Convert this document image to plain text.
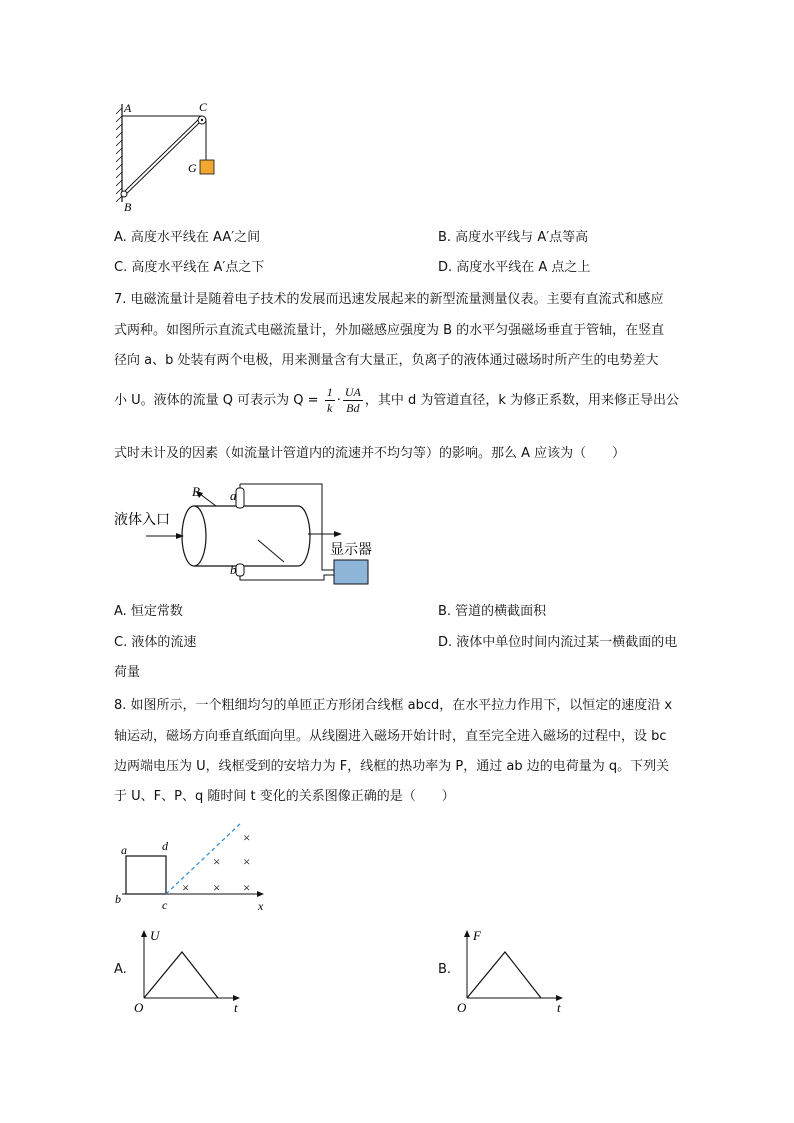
A	C
G
B
A. 高度水平线在 AA′之间	B. 高度水平线与 A′点等高
C. 高度水平线在 A′点之下	D. 高度水平线在 A 点之上
7. 电磁流量计是随着电子技术的发展而迅速发展起来的新型流量测量仪表。主要有直流式和感应
式两种。如图所示直流式电磁流量计，外加磁感应强度为 B 的水平匀强磁场垂直于管轴，在竖直
径向 a、b 处装有两个电极，用来测量含有大量正，负离子的液体通过磁场时所产生的电势差大
小 U。液体的流量 Q 可表示为 $Q = \frac{1}{k} \cdot \frac{UA}{Bd}$ ，其中 d 为管道直径，k 为修正系数，用来修正导出公
式时未计及的因素（如流量计管道内的流速并不均匀等）的影响。那么 A 应该为（　　）
B a
b
液体入口
显示器
A. 恒定常数	B. 管道的横截面积
C. 液体的流速	D. 液体中单位时间内流过某一横截面的电
荷量
8. 如图所示，一个粗细均匀的单匝正方形闭合线框 abcd，在水平拉力作用下，以恒定的速度沿 x
轴运动，磁场方向垂直纸面向里。从线圈进入磁场开始计时，直至完全进入磁场的过程中，设 bc
边两端电压为 U，线框受到的安培力为 F，线框的热功率为 P，通过 ab 边的电荷量为 q。下列关
于 U、F、P、q 随时间 t 变化的关系图像正确的是（　　）
a	d
b	c	x
×
× ×
× × ×
A.
U
t
O
B.
F
t
O
